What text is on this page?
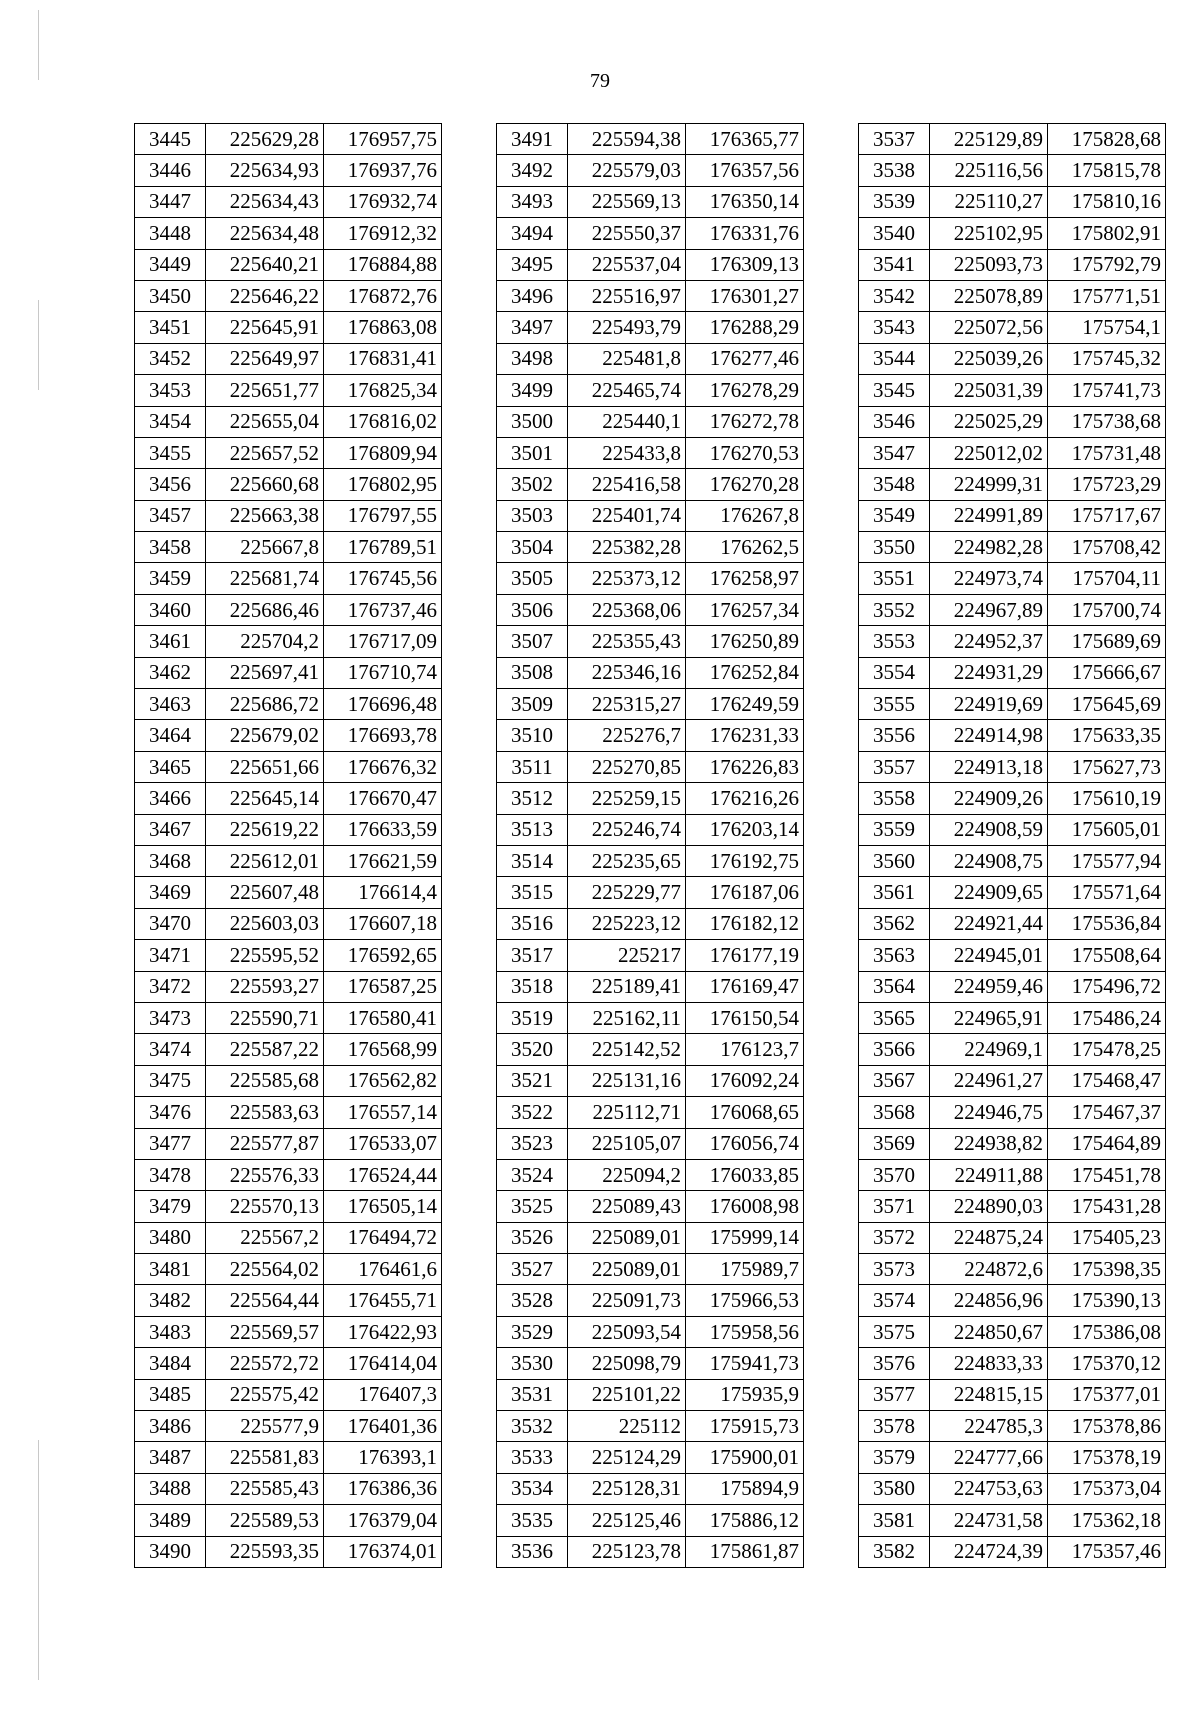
79
3445	225629,28	176957,75
3446	225634,93	176937,76
3447	225634,43	176932,74
3448	225634,48	176912,32
3449	225640,21	176884,88
3450	225646,22	176872,76
3451	225645,91	176863,08
3452	225649,97	176831,41
3453	225651,77	176825,34
3454	225655,04	176816,02
3455	225657,52	176809,94
3456	225660,68	176802,95
3457	225663,38	176797,55
3458	225667,8	176789,51
3459	225681,74	176745,56
3460	225686,46	176737,46
3461	225704,2	176717,09
3462	225697,41	176710,74
3463	225686,72	176696,48
3464	225679,02	176693,78
3465	225651,66	176676,32
3466	225645,14	176670,47
3467	225619,22	176633,59
3468	225612,01	176621,59
3469	225607,48	176614,4
3470	225603,03	176607,18
3471	225595,52	176592,65
3472	225593,27	176587,25
3473	225590,71	176580,41
3474	225587,22	176568,99
3475	225585,68	176562,82
3476	225583,63	176557,14
3477	225577,87	176533,07
3478	225576,33	176524,44
3479	225570,13	176505,14
3480	225567,2	176494,72
3481	225564,02	176461,6
3482	225564,44	176455,71
3483	225569,57	176422,93
3484	225572,72	176414,04
3485	225575,42	176407,3
3486	225577,9	176401,36
3487	225581,83	176393,1
3488	225585,43	176386,36
3489	225589,53	176379,04
3490	225593,35	176374,01
3491	225594,38	176365,77
3492	225579,03	176357,56
3493	225569,13	176350,14
3494	225550,37	176331,76
3495	225537,04	176309,13
3496	225516,97	176301,27
3497	225493,79	176288,29
3498	225481,8	176277,46
3499	225465,74	176278,29
3500	225440,1	176272,78
3501	225433,8	176270,53
3502	225416,58	176270,28
3503	225401,74	176267,8
3504	225382,28	176262,5
3505	225373,12	176258,97
3506	225368,06	176257,34
3507	225355,43	176250,89
3508	225346,16	176252,84
3509	225315,27	176249,59
3510	225276,7	176231,33
3511	225270,85	176226,83
3512	225259,15	176216,26
3513	225246,74	176203,14
3514	225235,65	176192,75
3515	225229,77	176187,06
3516	225223,12	176182,12
3517	225217	176177,19
3518	225189,41	176169,47
3519	225162,11	176150,54
3520	225142,52	176123,7
3521	225131,16	176092,24
3522	225112,71	176068,65
3523	225105,07	176056,74
3524	225094,2	176033,85
3525	225089,43	176008,98
3526	225089,01	175999,14
3527	225089,01	175989,7
3528	225091,73	175966,53
3529	225093,54	175958,56
3530	225098,79	175941,73
3531	225101,22	175935,9
3532	225112	175915,73
3533	225124,29	175900,01
3534	225128,31	175894,9
3535	225125,46	175886,12
3536	225123,78	175861,87
3537	225129,89	175828,68
3538	225116,56	175815,78
3539	225110,27	175810,16
3540	225102,95	175802,91
3541	225093,73	175792,79
3542	225078,89	175771,51
3543	225072,56	175754,1
3544	225039,26	175745,32
3545	225031,39	175741,73
3546	225025,29	175738,68
3547	225012,02	175731,48
3548	224999,31	175723,29
3549	224991,89	175717,67
3550	224982,28	175708,42
3551	224973,74	175704,11
3552	224967,89	175700,74
3553	224952,37	175689,69
3554	224931,29	175666,67
3555	224919,69	175645,69
3556	224914,98	175633,35
3557	224913,18	175627,73
3558	224909,26	175610,19
3559	224908,59	175605,01
3560	224908,75	175577,94
3561	224909,65	175571,64
3562	224921,44	175536,84
3563	224945,01	175508,64
3564	224959,46	175496,72
3565	224965,91	175486,24
3566	224969,1	175478,25
3567	224961,27	175468,47
3568	224946,75	175467,37
3569	224938,82	175464,89
3570	224911,88	175451,78
3571	224890,03	175431,28
3572	224875,24	175405,23
3573	224872,6	175398,35
3574	224856,96	175390,13
3575	224850,67	175386,08
3576	224833,33	175370,12
3577	224815,15	175377,01
3578	224785,3	175378,86
3579	224777,66	175378,19
3580	224753,63	175373,04
3581	224731,58	175362,18
3582	224724,39	175357,46
